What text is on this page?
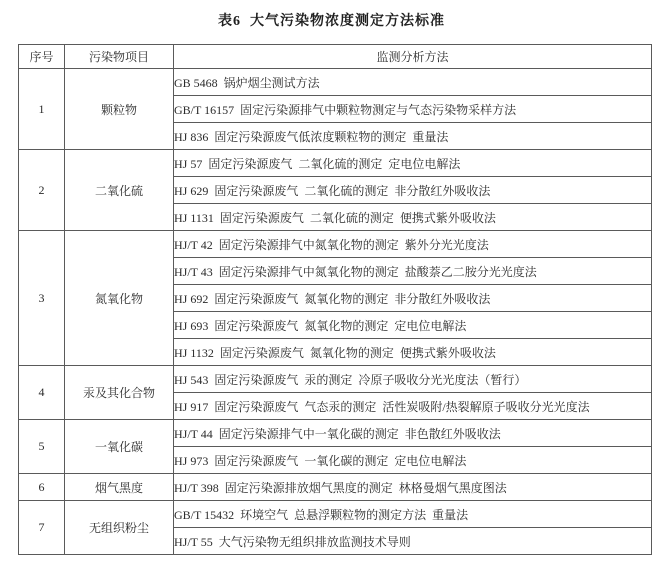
表6  大气污染物浓度测定方法标准
序号	污染物项目	监测分析方法
1	颗粒物	GB 5468  锅炉烟尘测试方法
		GB/T 16157  固定污染源排气中颗粒物测定与气态污染物采样方法
		HJ 836  固定污染源废气低浓度颗粒物的测定  重量法
2	二氧化硫	HJ 57  固定污染源废气  二氧化硫的测定  定电位电解法
		HJ 629  固定污染源废气  二氧化硫的测定  非分散红外吸收法
		HJ 1131  固定污染源废气  二氧化硫的测定  便携式紫外吸收法
3	氮氧化物	HJ/T 42  固定污染源排气中氮氧化物的测定  紫外分光光度法
		HJ/T 43  固定污染源排气中氮氧化物的测定  盐酸萘乙二胺分光光度法
		HJ 692  固定污染源废气  氮氧化物的测定  非分散红外吸收法
		HJ 693  固定污染源废气  氮氧化物的测定  定电位电解法
		HJ 1132  固定污染源废气  氮氧化物的测定  便携式紫外吸收法
4	汞及其化合物	HJ 543  固定污染源废气  汞的测定  冷原子吸收分光光度法（暂行）
		HJ 917  固定污染源废气  气态汞的测定  活性炭吸附/热裂解原子吸收分光光度法
5	一氧化碳	HJ/T 44  固定污染源排气中一氧化碳的测定  非色散红外吸收法
		HJ 973  固定污染源废气  一氧化碳的测定  定电位电解法
6	烟气黑度	HJ/T 398  固定污染源排放烟气黑度的测定  林格曼烟气黑度图法
7	无组织粉尘	GB/T 15432  环境空气  总悬浮颗粒物的测定方法  重量法
		HJ/T 55  大气污染物无组织排放监测技术导则
